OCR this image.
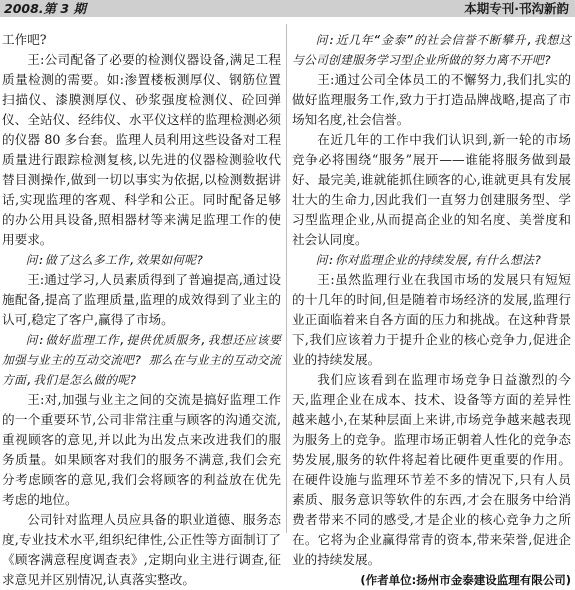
2008.第 3 期	本期专刊·邗沟新韵

工作吧?

王:公司配备了必要的检测仪器设备,满足工程质量检测的需要。如:渗置楼板测厚仪、钢筋位置扫描仪、漆膜测厚仪、砂浆强度检测仪、砼回弹仪、全站仪、经纬仪、水平仪这样的监理检测必须的仪器 80 多台套。监理人员利用这些设备对工程质量进行跟踪检测复核,以先进的仪器检测验收代替目测操作,做到一切以事实为依据,以检测数据讲话,实现监理的客观、科学和公正。同时配备足够的办公用具设备,照相器材等来满足监理工作的使用要求。

问:做了这么多工作,效果如何呢?

王:通过学习,人员素质得到了普遍提高,通过设施配备,提高了监理质量,监理的成效得到了业主的认可,稳定了客户,赢得了市场。

问:做好监理工作,提供优质服务,我想还应该要加强与业主的互动交流吧? 那么在与业主的互动交流方面,我们是怎么做的呢?

王:对,加强与业主之间的交流是搞好监理工作的一个重要环节,公司非常注重与顾客的沟通交流,重视顾客的意见,并以此为出发点来改进我们的服务质量。如果顾客对我们的服务不满意,我们会充分考虑顾客的意见,我们会将顾客的利益放在优先考虑的地位。

公司针对监理人员应具备的职业道德、服务态度,专业技术水平,组织纪律性,公正性等方面制订了《顾客满意程度调查表》,定期向业主进行调查,征求意见并区别情况,认真落实整改。

问:近几年“金泰”的社会信誉不断攀升,我想这与公司创建服务学习型企业所做的努力离不开吧?

王:通过公司全体员工的不懈努力,我们扎实的做好监理服务工作,致力于打造品牌战略,提高了市场知名度,社会信誉。

在近几年的工作中我们认识到,新一轮的市场竞争必将围绕“服务”展开——谁能将服务做到最好、最完美,谁就能抓住顾客的心,谁就更具有发展壮大的生命力,因此我们一直努力创建服务型、学习型监理企业,从而提高企业的知名度、美誉度和社会认同度。

问:你对监理企业的持续发展,有什么想法?

王:虽然监理行业在我国市场的发展只有短短的十几年的时间,但是随着市场经济的发展,监理行业正面临着来自各方面的压力和挑战。在这种背景下,我们应该着力于提升企业的核心竞争力,促进企业的持续发展。

我们应该看到在监理市场竞争日益激烈的今天,监理企业在成本、技术、设备等方面的差异性越来越小,在某种层面上来讲,市场竞争越来越表现为服务上的竞争。监理市场正朝着人性化的竞争态势发展,服务的软件将起着比硬件更重要的作用。在硬件设施与监理环节差不多的情况下,只有人员素质、服务意识等软件的东西,才会在服务中给消费者带来不同的感受,才是企业的核心竞争力之所在。它将为企业赢得常青的资本,带来荣誉,促进企业的持续发展。

(作者单位:扬州市金泰建设监理有限公司)
